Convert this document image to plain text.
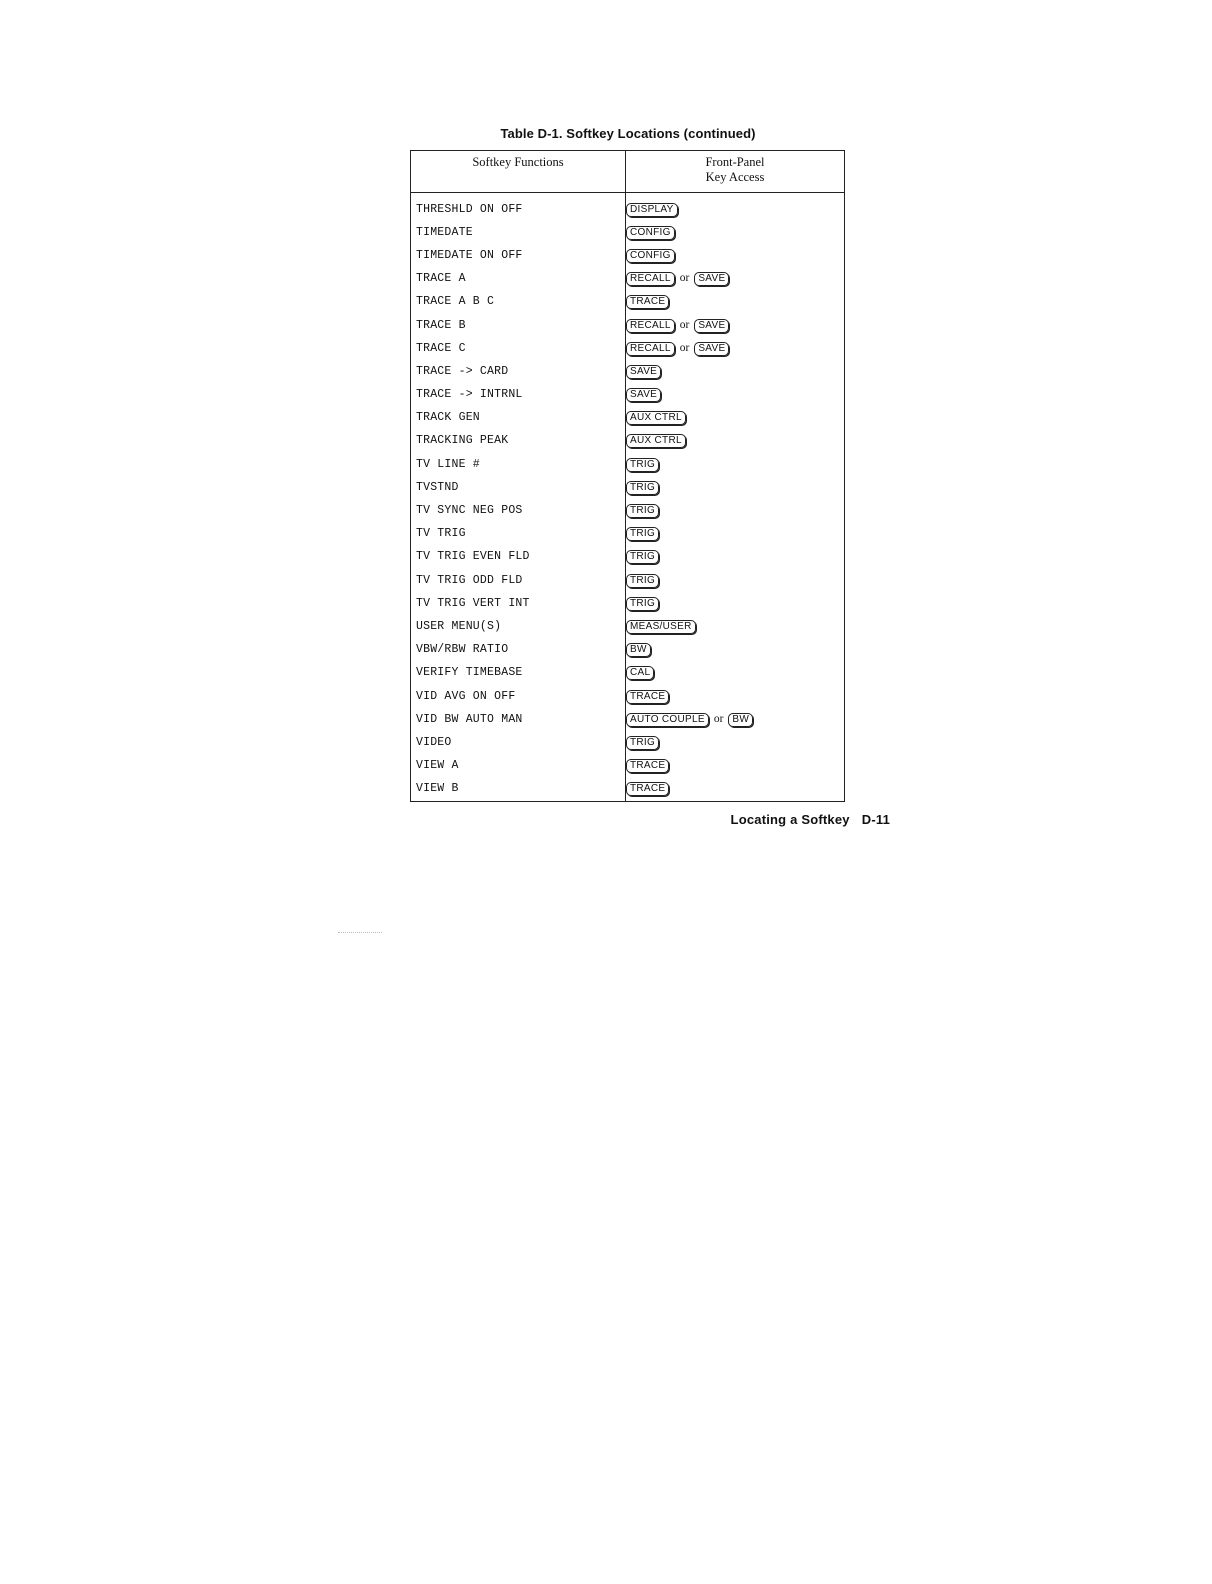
Table D-1. Softkey Locations (continued)
Softkey Functions	Front-Panel
Key Access
THRESHLD ON OFF	DISPLAY
TIMEDATE	CONFIG
TIMEDATE ON OFF	CONFIG
TRACE A	RECALL or SAVE
TRACE A B C	TRACE
TRACE B	RECALL or SAVE
TRACE C	RECALL or SAVE
TRACE -> CARD	SAVE
TRACE -> INTRNL	SAVE
TRACK GEN	AUX CTRL
TRACKING PEAK	AUX CTRL
TV LINE #	TRIG
TVSTND	TRIG
TV SYNC NEG POS	TRIG
TV TRIG	TRIG
TV TRIG EVEN FLD	TRIG
TV TRIG ODD FLD	TRIG
TV TRIG VERT INT	TRIG
USER MENU(S)	MEAS/USER
VBW/RBW RATIO	BW
VERIFY TIMEBASE	CAL
VID AVG ON OFF	TRACE
VID BW AUTO MAN	AUTO COUPLE or BW
VIDEO	TRIG
VIEW A	TRACE
VIEW B	TRACE
Locating a Softkey D-11
